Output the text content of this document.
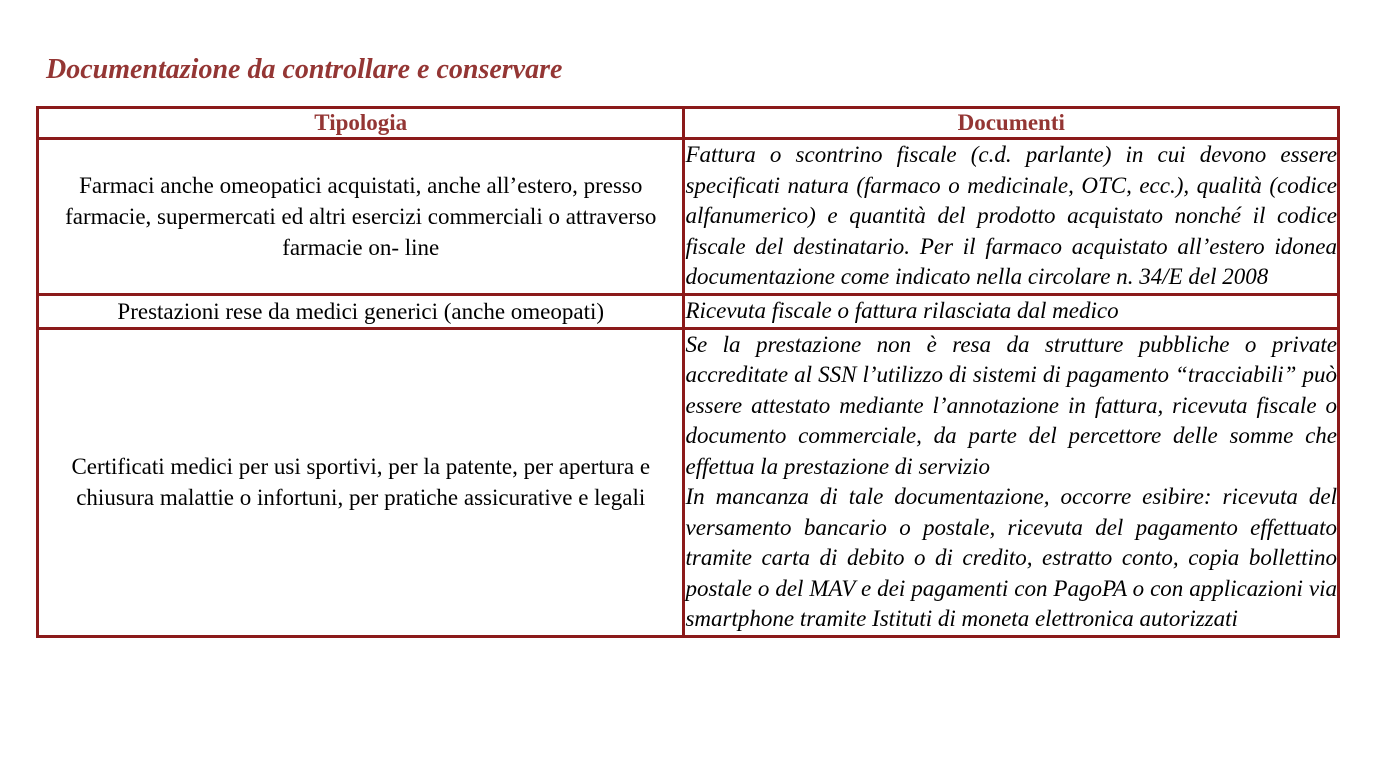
Documentazione da controllare e conservare
Tipologia	Documenti
Farmaci anche omeopatici acquistati, anche all’estero, presso farmacie, supermercati ed altri esercizi commerciali o attraverso farmacie on- line	Fattura o scontrino fiscale (c.d. parlante) in cui devono essere specificati natura (farmaco o medicinale, OTC, ecc.), qualità (codice alfanumerico) e quantità del prodotto acquistato nonché il codice fiscale del destinatario. Per il farmaco acquistato all’estero idonea documentazione come indicato nella circolare n. 34/E del 2008

Prestazioni rese da medici generici (anche omeopati)	Ricevuta fiscale o fattura rilasciata dal medico

Certificati medici per usi sportivi, per la patente, per apertura e chiusura malattie o infortuni, per pratiche assicurative e legali	Se la prestazione non è resa da strutture pubbliche o private accreditate al SSN l’utilizzo di sistemi di pagamento “tracciabili” può essere attestato mediante l’annotazione in fattura, ricevuta fiscale o documento commerciale, da parte del percettore delle somme che effettua la prestazione di servizio
In mancanza di tale documentazione, occorre esibire: ricevuta del versamento bancario o postale, ricevuta del pagamento effettuato tramite carta di debito o di credito, estratto conto, copia bollettino postale o del MAV e dei pagamenti con PagoPA o con applicazioni via smartphone tramite Istituti di moneta elettronica autorizzati
